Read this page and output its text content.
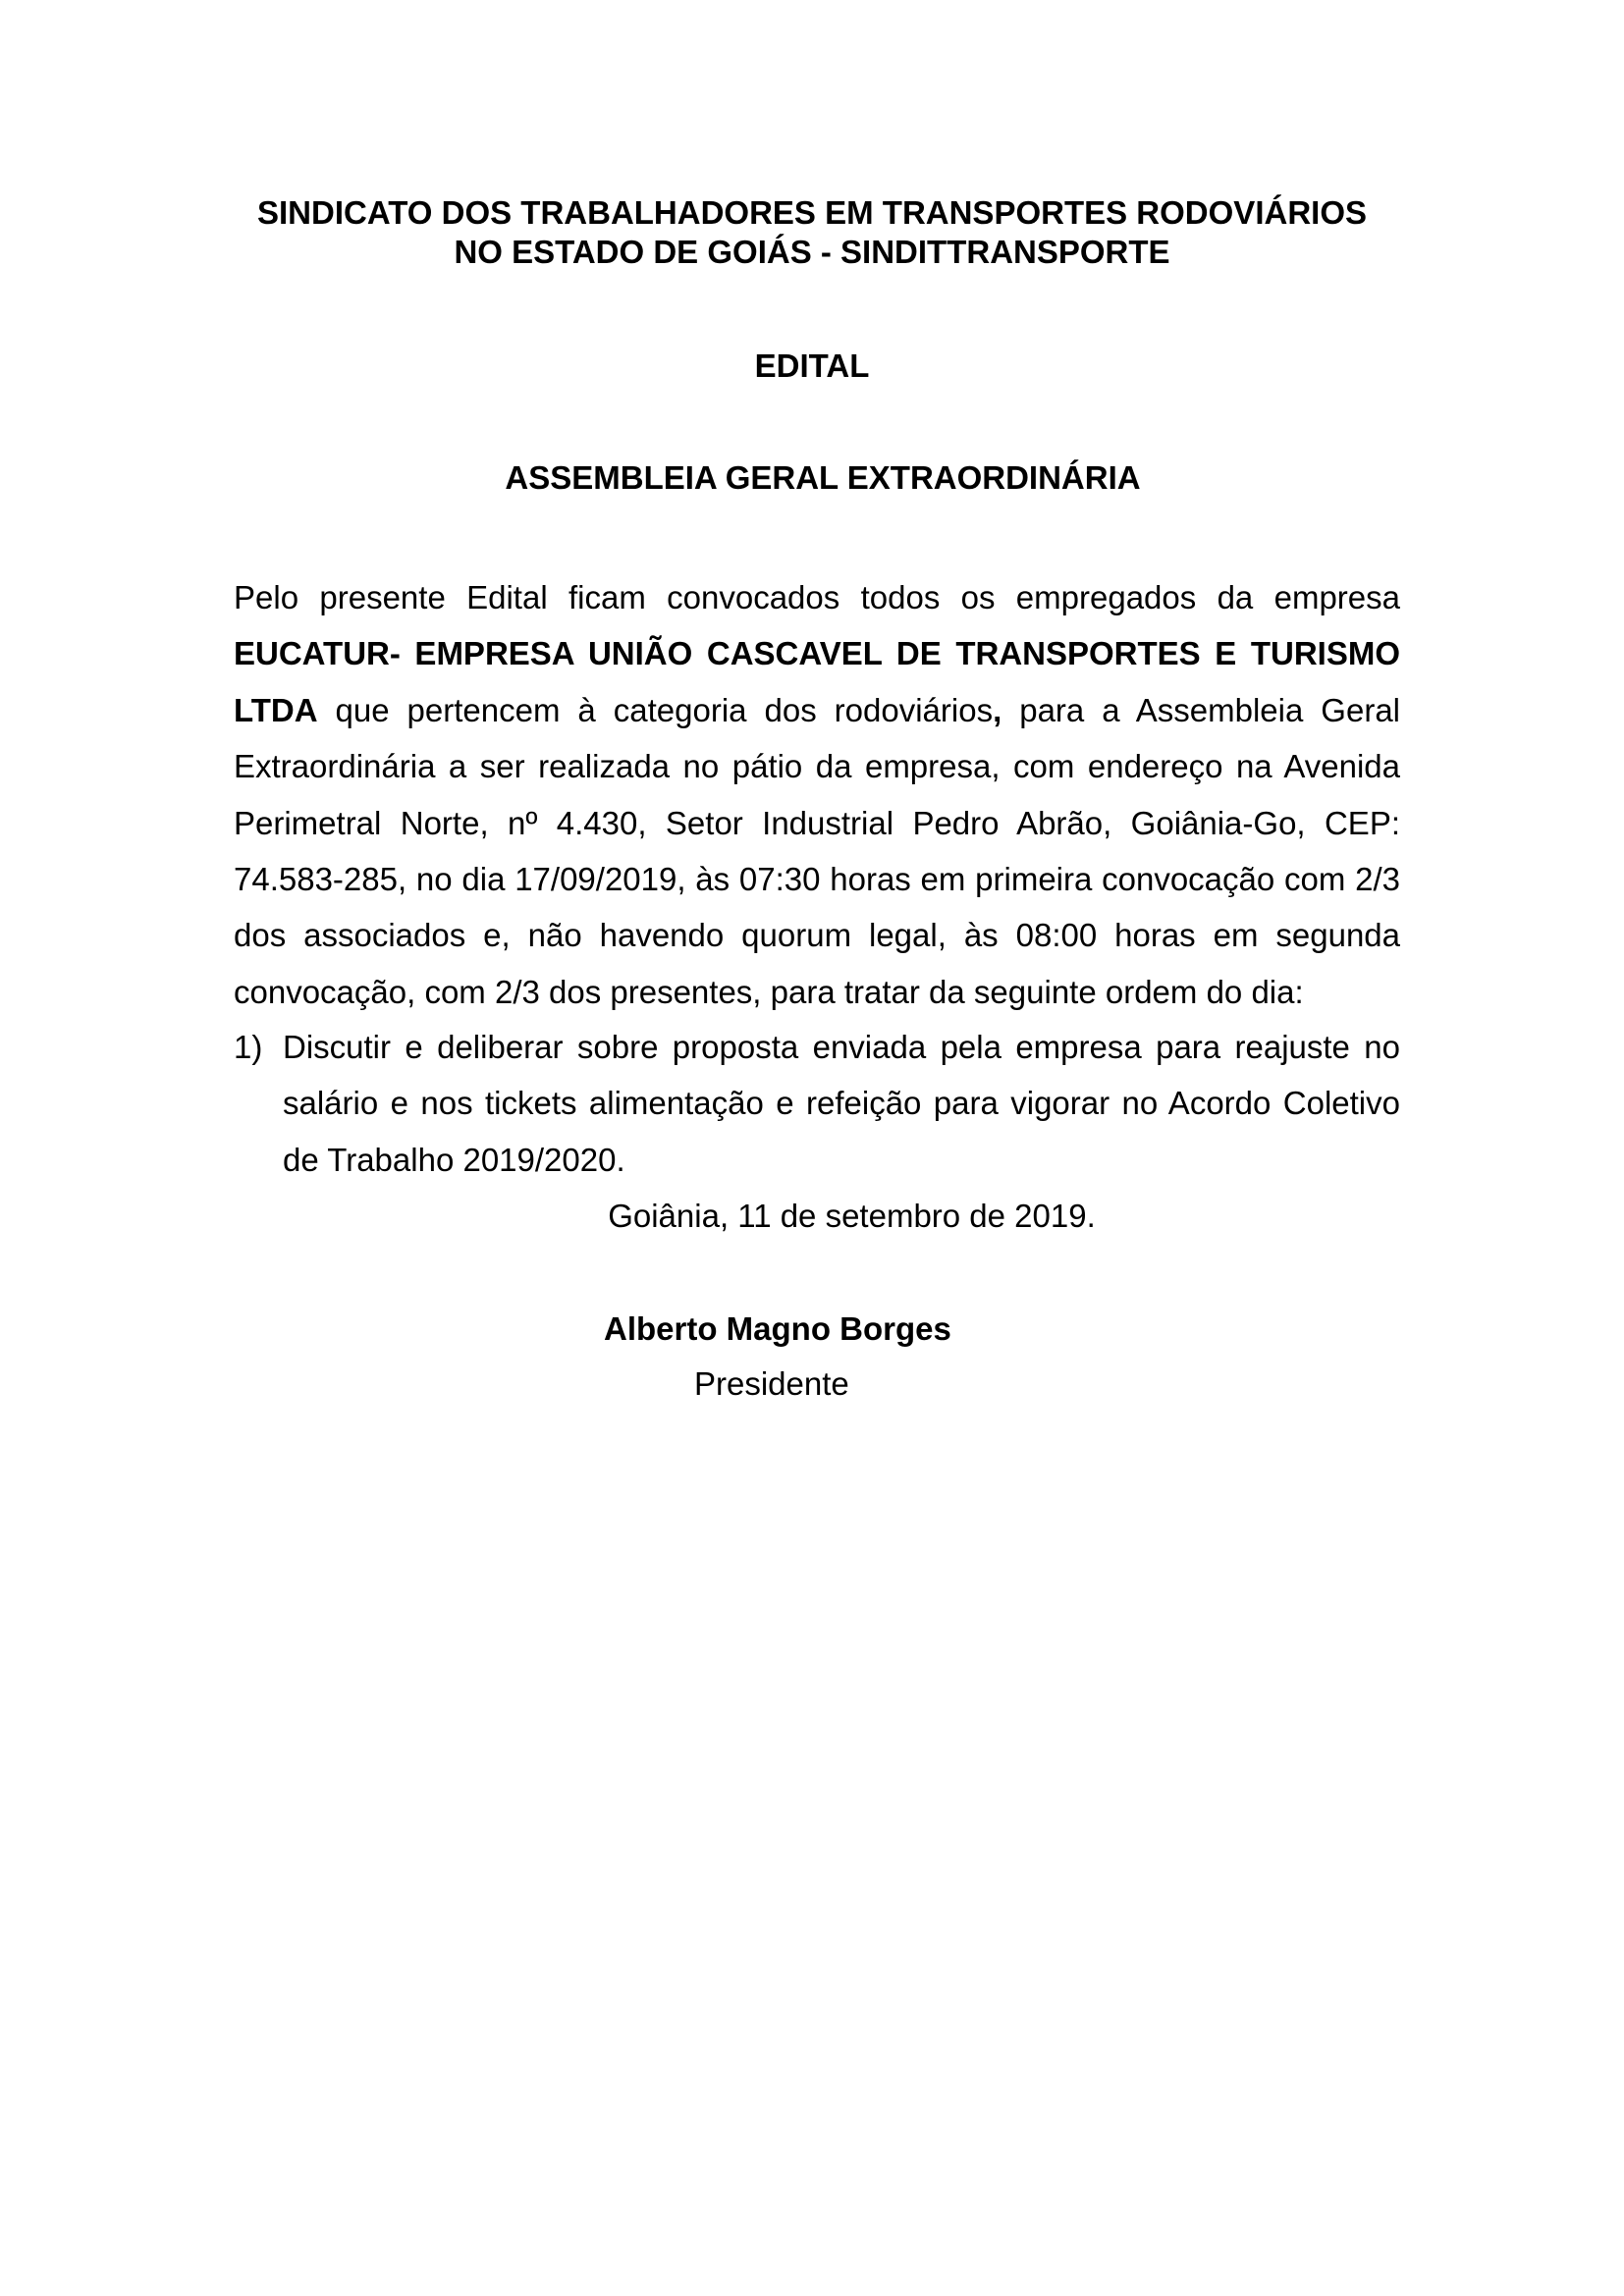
SINDICATO DOS TRABALHADORES EM TRANSPORTES RODOVIÁRIOS
NO ESTADO DE GOIÁS - SINDITTRANSPORTE
EDITAL
ASSEMBLEIA GERAL EXTRAORDINÁRIA
Pelo presente Edital ficam convocados todos os empregados da empresa EUCATUR- EMPRESA UNIÃO CASCAVEL DE TRANSPORTES E TURISMO LTDA que pertencem à categoria dos rodoviários, para a Assembleia Geral Extraordinária a ser realizada no pátio da empresa, com endereço na Avenida Perimetral Norte, nº 4.430, Setor Industrial Pedro Abrão, Goiânia-Go, CEP: 74.583-285, no dia 17/09/2019, às 07:30 horas em primeira convocação com 2/3 dos associados e, não havendo quorum legal, às 08:00 horas em segunda convocação, com 2/3 dos presentes, para tratar da seguinte ordem do dia:
1) Discutir e deliberar sobre proposta enviada pela empresa para reajuste no salário e nos tickets alimentação e refeição para vigorar no Acordo Coletivo de Trabalho 2019/2020.
Goiânia, 11 de setembro de 2019.
Alberto Magno Borges
Presidente
